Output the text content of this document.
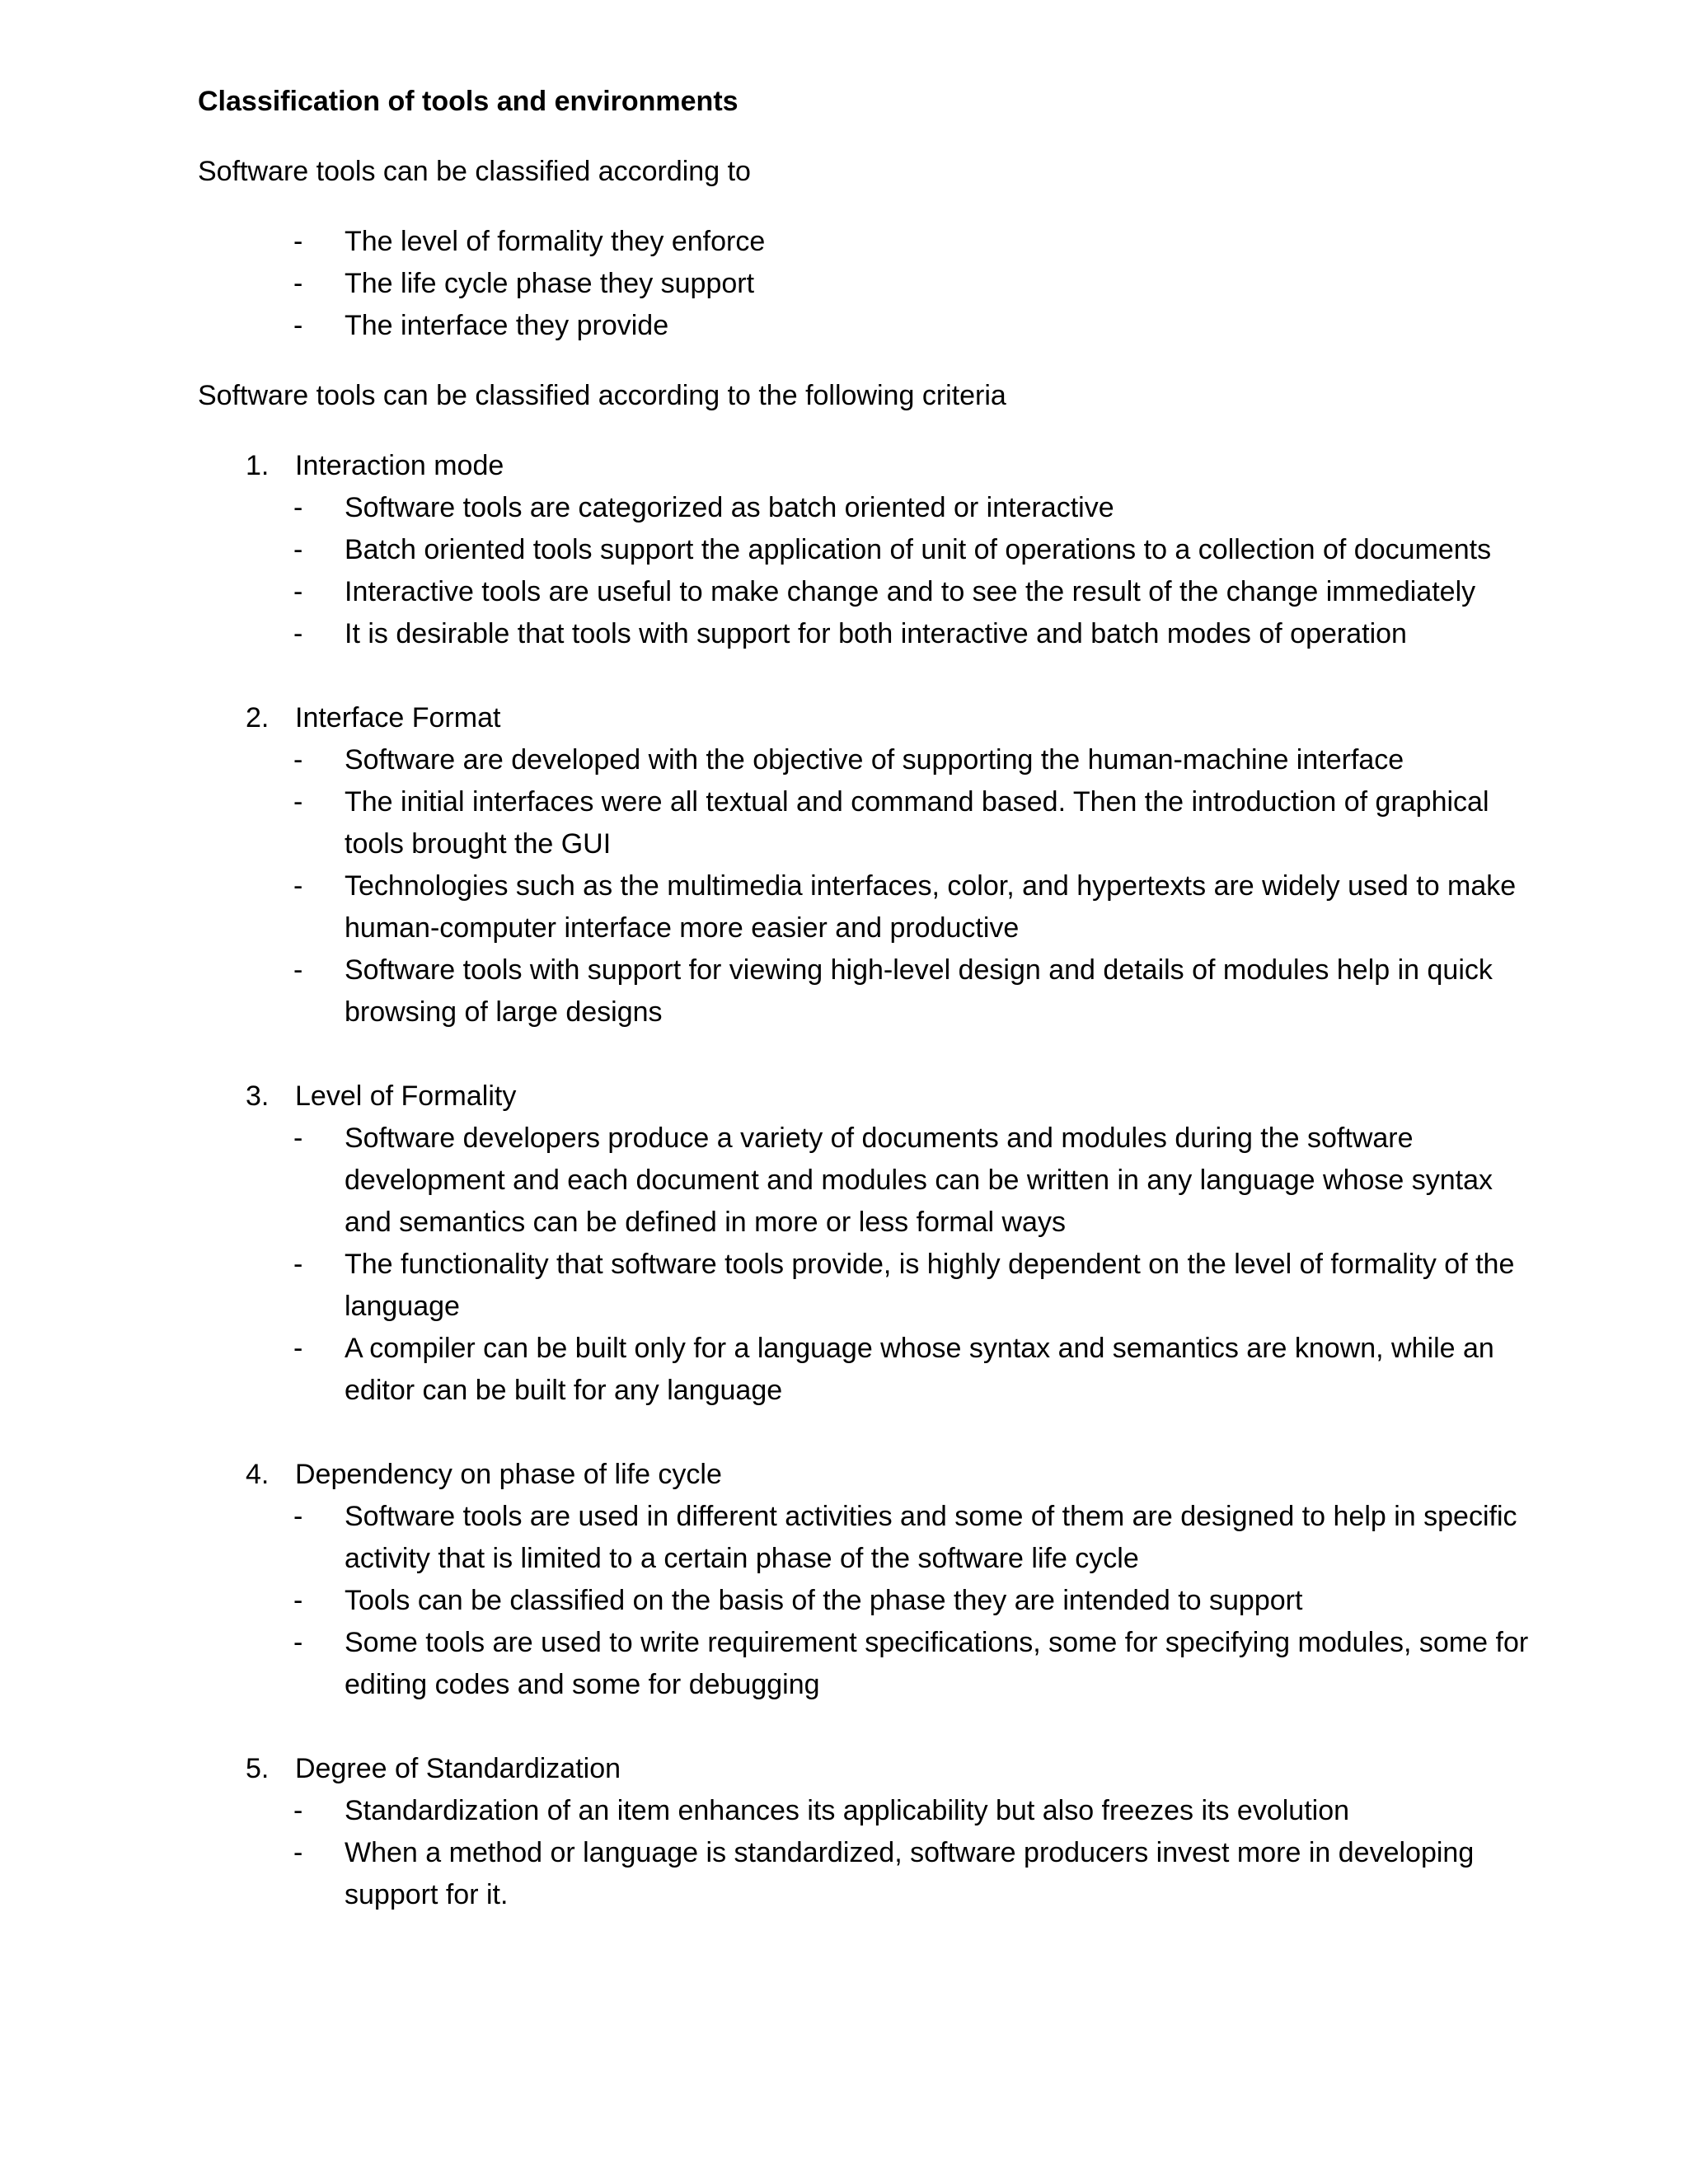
Classification of tools and environments
Software tools can be classified according to
- The level of formality they enforce
- The life cycle phase they support
- The interface they provide
Software tools can be classified according to the following criteria
1. Interaction mode
- Software tools are categorized as batch oriented or interactive
- Batch oriented tools support the application of unit of operations to a collection of documents
- Interactive tools are useful to make change and to see the result of the change immediately
- It is desirable that tools with support for both interactive and batch modes of operation
2. Interface Format
- Software are developed with the objective of supporting the human-machine interface
- The initial interfaces were all textual and command based. Then the introduction of graphical tools brought the GUI
- Technologies such as the multimedia interfaces, color, and hypertexts are widely used to make human-computer interface more easier and productive
- Software tools with support for viewing high-level design and details of modules help in quick browsing of large designs
3. Level of Formality
- Software developers produce a variety of documents and modules during the software development and each document and modules can be written in any language whose syntax and semantics can be defined in more or less formal ways
- The functionality that software tools provide, is highly dependent on the level of formality of the language
- A compiler can be built only for a language whose syntax and semantics are known, while an editor can be built for any language
4. Dependency on phase of life cycle
- Software tools are used in different activities and some of them are designed to help in specific activity that is limited to a certain phase of the software life cycle
- Tools can be classified on the basis of the phase they are intended to support
- Some tools are used to write requirement specifications, some for specifying modules, some for editing codes and some for debugging
5. Degree of Standardization
- Standardization of an item enhances its applicability but also freezes its evolution
- When a method or language is standardized, software producers invest more in developing support for it.
